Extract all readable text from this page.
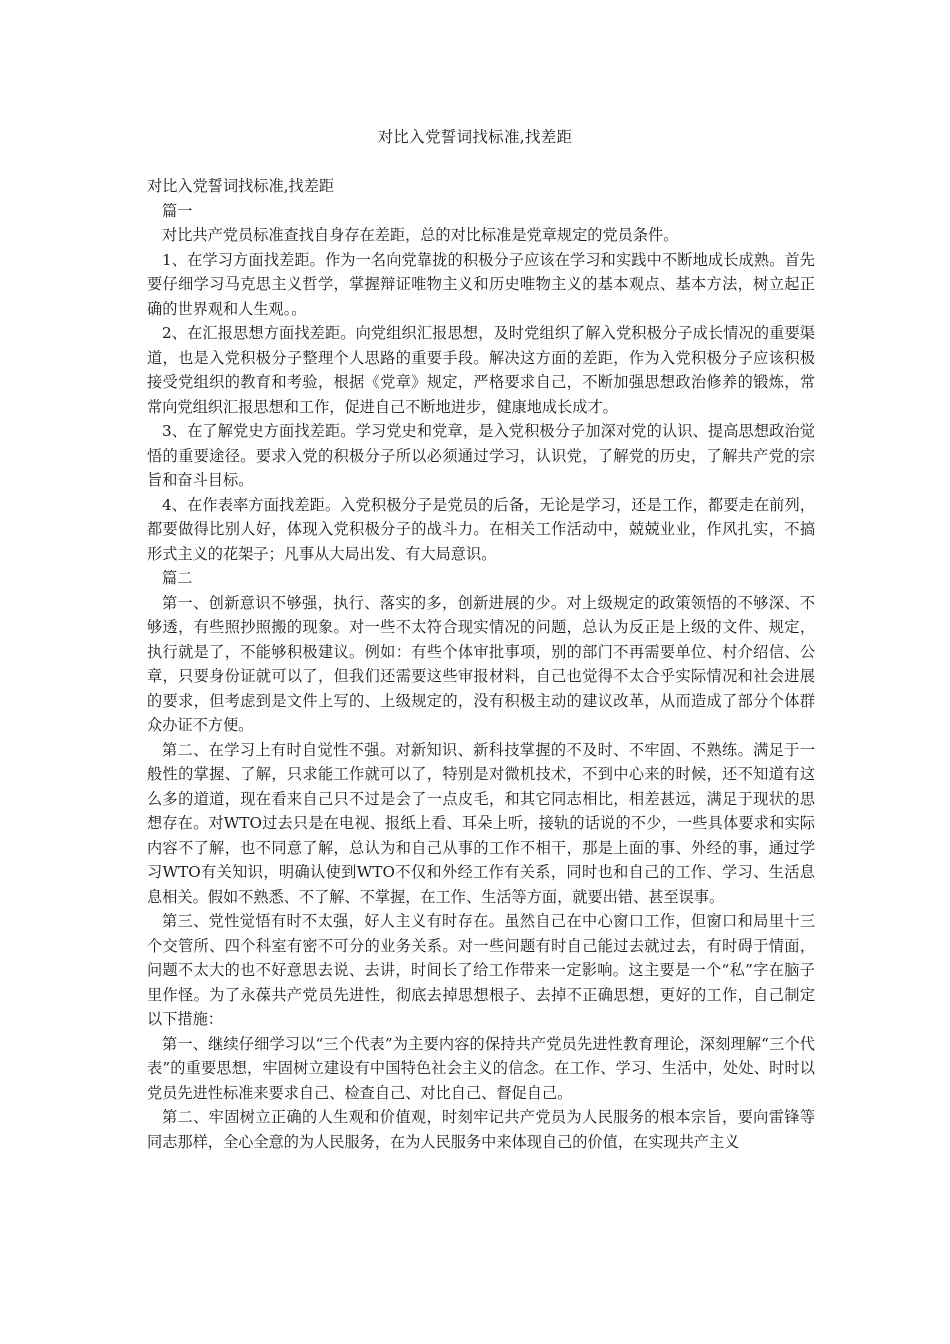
对比入党誓词找标准,找差距

对比入党誓词找标准,找差距

篇一

对比共产党员标准查找自身存在差距，总的对比标准是党章规定的党员条件。

1、在学习方面找差距。作为一名向党靠拢的积极分子应该在学习和实践中不断地成长成熟。首先要仔细学习马克思主义哲学，掌握辩证唯物主义和历史唯物主义的基本观点、基本方法，树立起正确的世界观和人生观。。

2、在汇报思想方面找差距。向党组织汇报思想，及时党组织了解入党积极分子成长情况的重要渠道，也是入党积极分子整理个人思路的重要手段。解决这方面的差距，作为入党积极分子应该积极接受党组织的教育和考验，根据《党章》规定，严格要求自己，不断加强思想政治修养的锻炼，常常向党组织汇报思想和工作，促进自己不断地进步，健康地成长成才。

3、在了解党史方面找差距。学习党史和党章，是入党积极分子加深对党的认识、提高思想政治觉悟的重要途径。要求入党的积极分子所以必须通过学习，认识党，了解党的历史，了解共产党的宗旨和奋斗目标。

4、在作表率方面找差距。入党积极分子是党员的后备，无论是学习，还是工作，都要走在前列，都要做得比别人好，体现入党积极分子的战斗力。在相关工作活动中，兢兢业业，作风扎实，不搞形式主义的花架子；凡事从大局出发、有大局意识。

篇二

第一、创新意识不够强，执行、落实的多，创新进展的少。对上级规定的政策领悟的不够深、不够透，有些照抄照搬的现象。对一些不太符合现实情况的问题，总认为反正是上级的文件、规定，执行就是了，不能够积极建议。例如：有些个体审批事项，别的部门不再需要单位、村介绍信、公章，只要身份证就可以了，但我们还需要这些审报材料，自己也觉得不太合乎实际情况和社会进展的要求，但考虑到是文件上写的、上级规定的，没有积极主动的建议改革，从而造成了部分个体群众办证不方便。

第二、在学习上有时自觉性不强。对新知识、新科技掌握的不及时、不牢固、不熟练。满足于一般性的掌握、了解，只求能工作就可以了，特别是对微机技术，不到中心来的时候，还不知道有这么多的道道，现在看来自己只不过是会了一点皮毛，和其它同志相比，相差甚远，满足于现状的思想存在。对WTO过去只是在电视、报纸上看、耳朵上听，接轨的话说的不少，一些具体要求和实际内容不了解，也不同意了解，总认为和自己从事的工作不相干，那是上面的事、外经的事，通过学习WTO有关知识，明确认使到WTO不仅和外经工作有关系，同时也和自己的工作、学习、生活息息相关。假如不熟悉、不了解、不掌握，在工作、生活等方面，就要出错、甚至误事。

第三、党性觉悟有时不太强，好人主义有时存在。虽然自己在中心窗口工作，但窗口和局里十三个交管所、四个科室有密不可分的业务关系。对一些问题有时自己能过去就过去，有时碍于情面，问题不太大的也不好意思去说、去讲，时间长了给工作带来一定影响。这主要是一个“私”字在脑子里作怪。为了永葆共产党员先进性，彻底去掉思想根子、去掉不正确思想，更好的工作，自己制定以下措施：

第一、继续仔细学习以“三个代表”为主要内容的保持共产党员先进性教育理论，深刻理解“三个代表”的重要思想，牢固树立建设有中国特色社会主义的信念。在工作、学习、生活中，处处、时时以党员先进性标准来要求自己、检查自己、对比自己、督促自己。

第二、牢固树立正确的人生观和价值观，时刻牢记共产党员为人民服务的根本宗旨，要向雷锋等同志那样，全心全意的为人民服务，在为人民服务中来体现自己的价值，在实现共产主义
